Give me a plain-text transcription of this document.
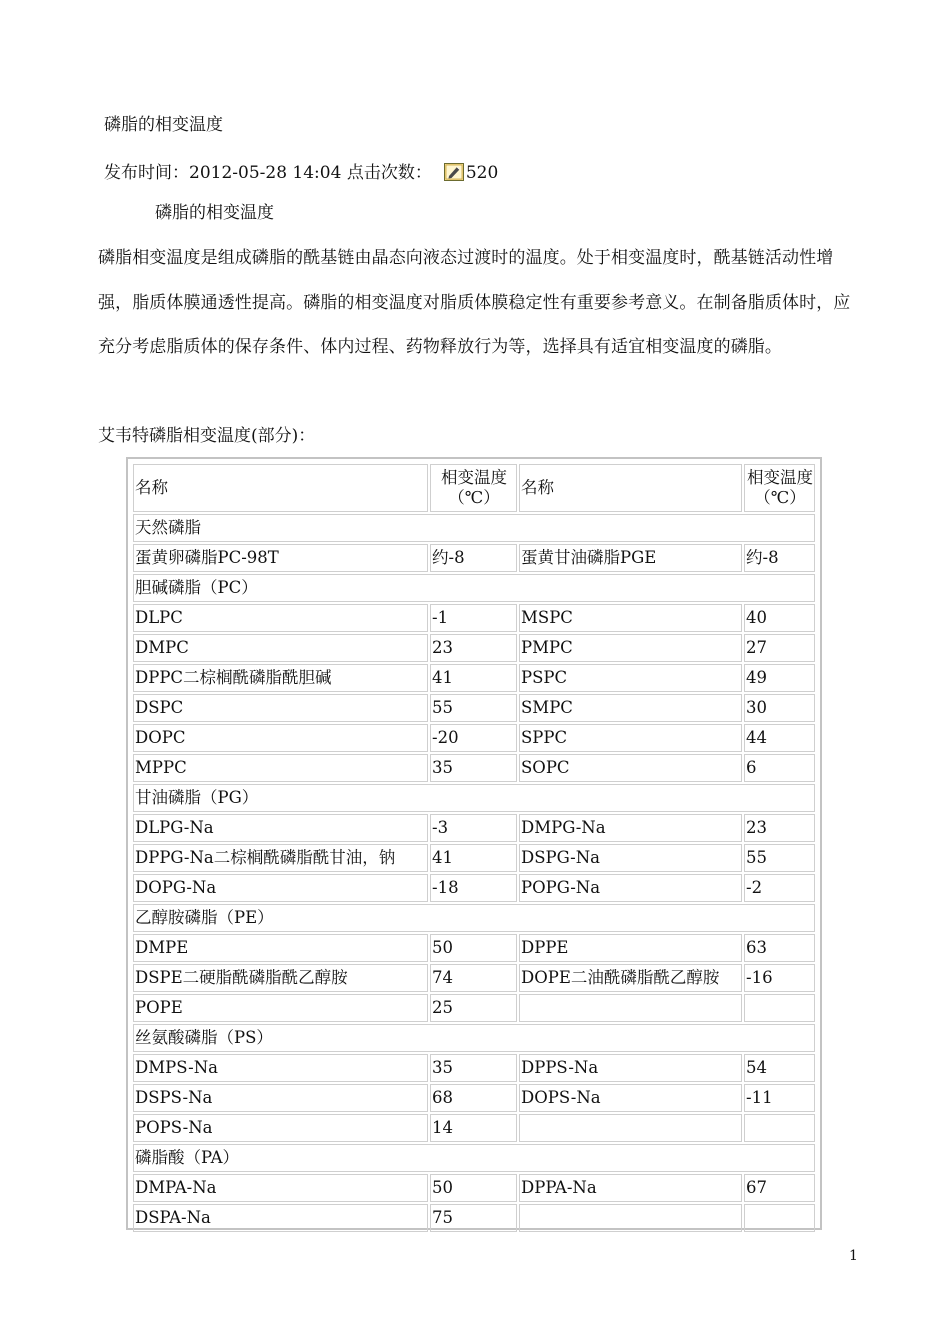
磷脂的相变温度
发布时间：2012-05-28 14:04 点击次数： 520
磷脂的相变温度

磷脂相变温度是组成磷脂的酰基链由晶态向液态过渡时的温度。处于相变温度时，酰基链活动性增强，脂质体膜通透性提高。磷脂的相变温度对脂质体膜稳定性有重要参考意义。在制备脂质体时，应充分考虑脂质体的保存条件、体内过程、药物释放行为等，选择具有适宜相变温度的磷脂。

艾韦特磷脂相变温度(部分)：
名称	相变温度（℃）	名称	相变温度（℃）
天然磷脂			
蛋黄卵磷脂PC-98T	约-8	蛋黄甘油磷脂PGE	约-8
胆碱磷脂（PC）			
DLPC	-1	MSPC	40
DMPC	23	PMPC	27
DPPC二棕榈酰磷脂酰胆碱	41	PSPC	49
DSPC	55	SMPC	30
DOPC	-20	SPPC	44
MPPC	35	SOPC	6
甘油磷脂（PG）			
DLPG-Na	-3	DMPG-Na	23
DPPG-Na二棕榈酰磷脂酰甘油，钠	41	DSPG-Na	55
DOPG-Na	-18	POPG-Na	-2
乙醇胺磷脂（PE）			
DMPE	50	DPPE	63
DSPE二硬脂酰磷脂酰乙醇胺	74	DOPE二油酰磷脂酰乙醇胺	-16
POPE	25		
丝氨酸磷脂（PS）			
DMPS-Na	35	DPPS-Na	54
DSPS-Na	68	DOPS-Na	-11
POPS-Na	14		
磷脂酸（PA）			
DMPA-Na	50	DPPA-Na	67
DSPA-Na	75		
1
